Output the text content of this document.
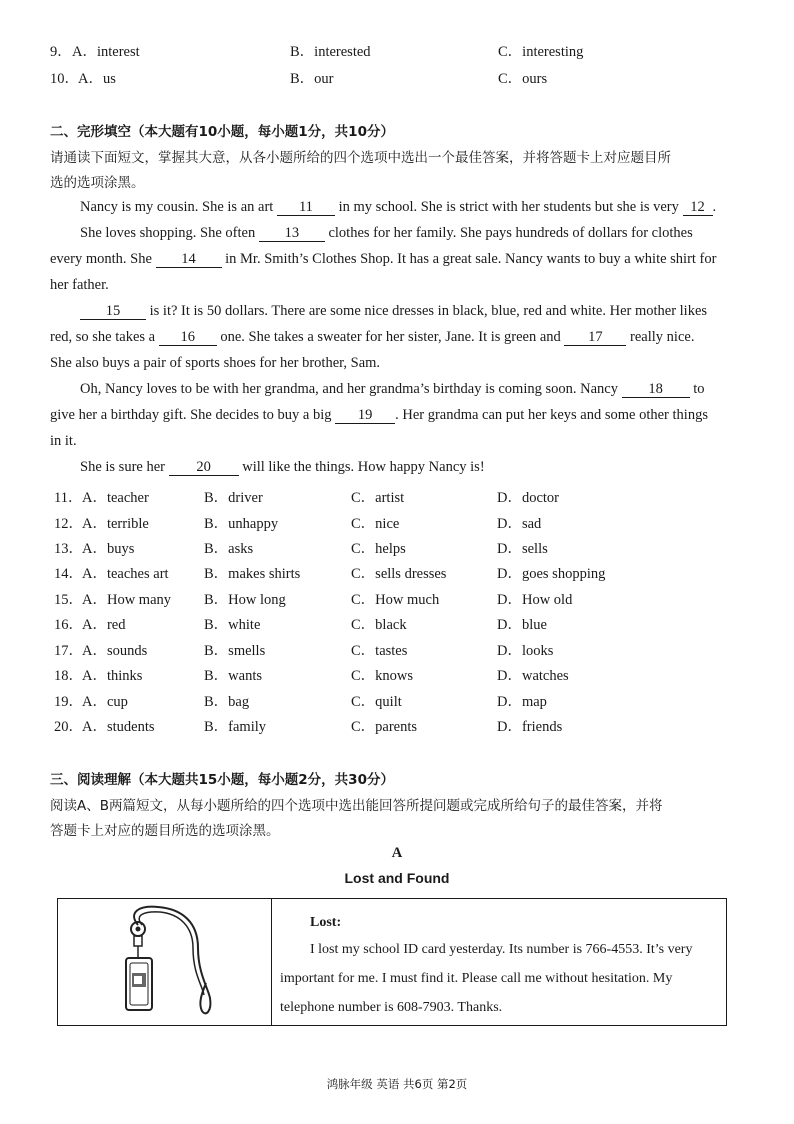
9． A．interest	B．interested	C．interesting
10． A．us	B．our	C．ours
二、完形填空（本大题有10小题，每小题1分，共10分）
请通读下面短文，掌握其大意，从各小题所给的四个选项中选出一个最佳答案，并将答题卡上对应题目所
选的选项涂黑。
Nancy is my cousin. She is an art 11 in my school. She is strict with her students but she is very 12 .
She loves shopping. She often 13 clothes for her family. She pays hundreds of dollars for clothes
every month. She 14 in Mr. Smith’s Clothes Shop. It has a great sale. Nancy wants to buy a white shirt for
her father.
15 is it? It is 50 dollars. There are some nice dresses in black, blue, red and white. Her mother likes
red, so she takes a 16 one. She takes a sweater for her sister, Jane. It is green and 17 really nice.
She also buys a pair of sports shoes for her brother, Sam.
Oh, Nancy loves to be with her grandma, and her grandma’s birthday is coming soon. Nancy 18 to
give her a birthday gift. She decides to buy a big 19 . Her grandma can put her keys and some other things
in it.
She is sure her 20 will like the things. How happy Nancy is!
11． A．teacher	B．driver	C．artist	D．doctor
12． A．terrible	B．unhappy	C．nice	D．sad
13． A．buys	B．asks	C．helps	D．sells
14． A．teaches art B．makes shirts	C．sells dresses	D．goes shopping
15． A．How many B．How long	C．How much	D．How old
16． A．red	B．white	C．black	D．blue
17． A．sounds	B．smells	C．tastes	D．looks
18． A．thinks	B．wants	C．knows	D．watches
19． A．cup	B．bag	C．quilt	D．map
20． A．students	B．family	C．parents	D．friends
三、阅读理解（本大题共15小题，每小题2分，共30分）
阅读A、B两篇短文，从每小题所给的四个选项中选出能回答所提问题或完成所给句子的最佳答案，并将
答题卡上对应的题目所选的选项涂黑。
A
Lost and Found
Lost:
I lost my school ID card yesterday. Its number is 766-4553. It’s very
important for me. I must find it. Please call me without hesitation. My
telephone number is 608-7903. Thanks.
鸿脉年级 英语 共6页 第2页
